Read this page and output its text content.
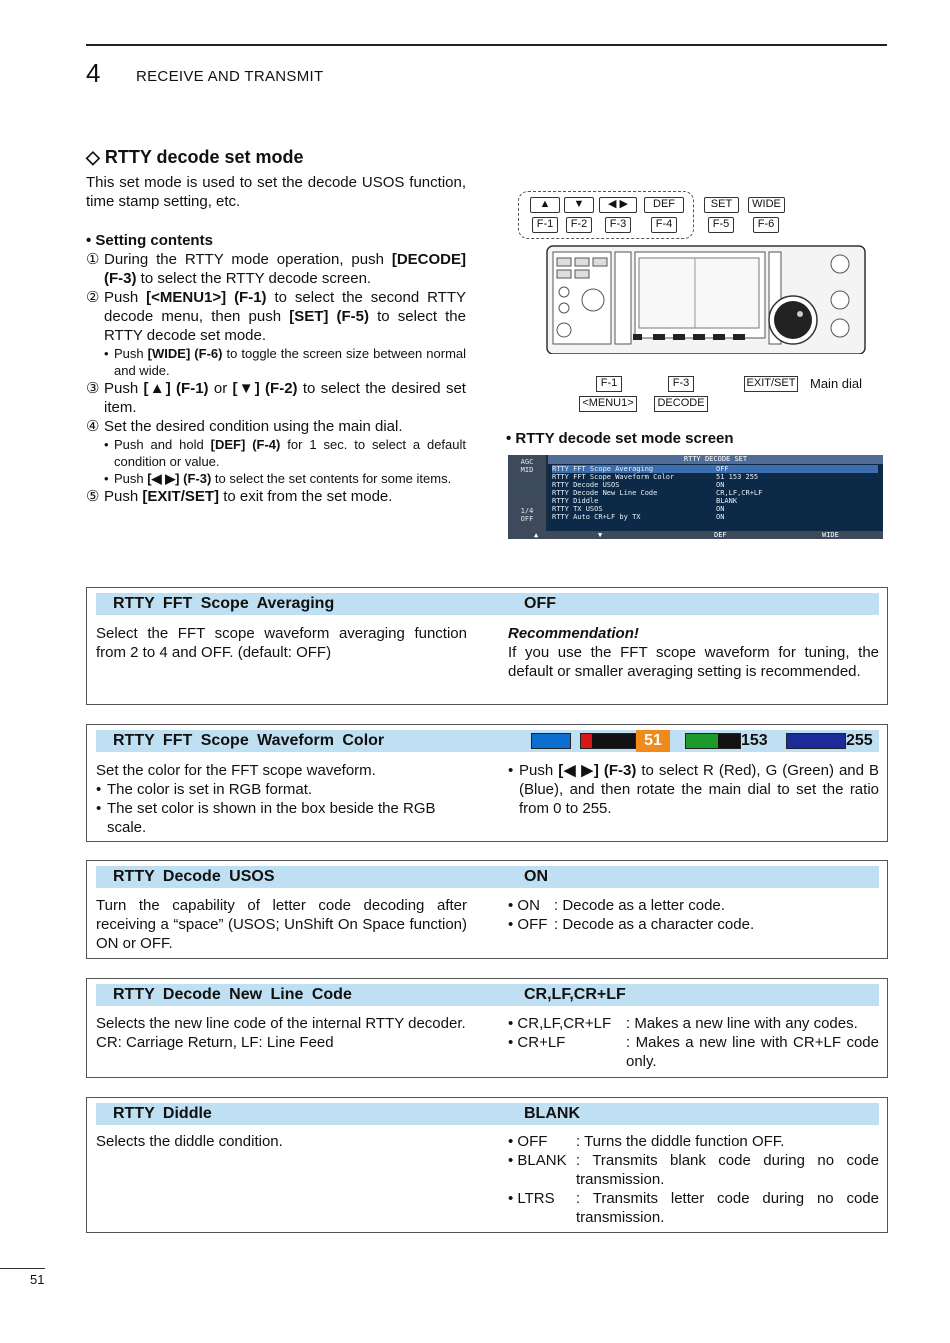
4 RECEIVE AND TRANSMIT
◇ RTTY decode set mode
This set mode is used to set the decode USOS function, time stamp setting, etc.
• Setting contents
① During the RTTY mode operation, push [DECODE] (F-3) to select the RTTY decode screen.
② Push [<MENU1>] (F-1) to select the second RTTY decode menu, then push [SET] (F-5) to select the RTTY decode set mode.
• Push [WIDE] (F-6) to toggle the screen size between normal and wide.
③ Push [▲] (F-1) or [▼] (F-2) to select the desired set item.
④ Set the desired condition using the main dial.
• Push and hold [DEF] (F-4) for 1 sec. to select a default condition or value.
• Push [◀ ▶] (F-3) to select the set contents for some items.
⑤ Push [EXIT/SET] to exit from the set mode.
▲	▼	◀ ▶	DEF	SET	WIDE
F-1	F-2	F-3	F-4	F-5	F-6
F-1
<MENU1>
F-3
DECODE
EXIT/SET Main dial
• RTTY decode set mode screen
AGC
MID
1/4
OFF
RTTY DECODE SET
RTTY FFT Scope Averaging	OFF
RTTY FFT Scope Waveform Color	51 153 255
RTTY Decode USOS	ON
RTTY Decode New Line Code	CR,LF,CR+LF
RTTY Diddle	BLANK
RTTY TX USOS	ON
RTTY Auto CR+LF by TX	ON
▲	▼	DEF	WIDE
RTTY FFT Scope Averaging	OFF
Select the FFT scope waveform averaging function from 2 to 4 and OFF. (default: OFF)
Recommendation!
If you use the FFT scope waveform for tuning, the default or smaller averaging setting is recommended.
RTTY FFT Scope Waveform Color	51	153	255
Set the color for the FFT scope waveform.
• The color is set in RGB format.
• The set color is shown in the box beside the RGB scale.
• Push [◀ ▶] (F-3) to select R (Red), G (Green) and B (Blue), and then rotate the main dial to set the ratio from 0 to 255.
RTTY Decode USOS	ON
Turn the capability of letter code decoding after receiving a “space” (USOS; UnShift On Space function) ON or OFF.
• ON : Decode as a letter code.
• OFF : Decode as a character code.
RTTY Decode New Line Code	CR,LF,CR+LF
Selects the new line code of the internal RTTY decoder.
CR: Carriage Return, LF: Line Feed
• CR,LF,CR+LF : Makes a new line with any codes.
• CR+LF	: Makes a new line with CR+LF code only.
RTTY Diddle	BLANK
Selects the diddle condition.	• OFF : Turns the diddle function OFF.
• BLANK : Transmits blank code during no code transmission.
• LTRS : Transmits letter code during no code transmission.
51
